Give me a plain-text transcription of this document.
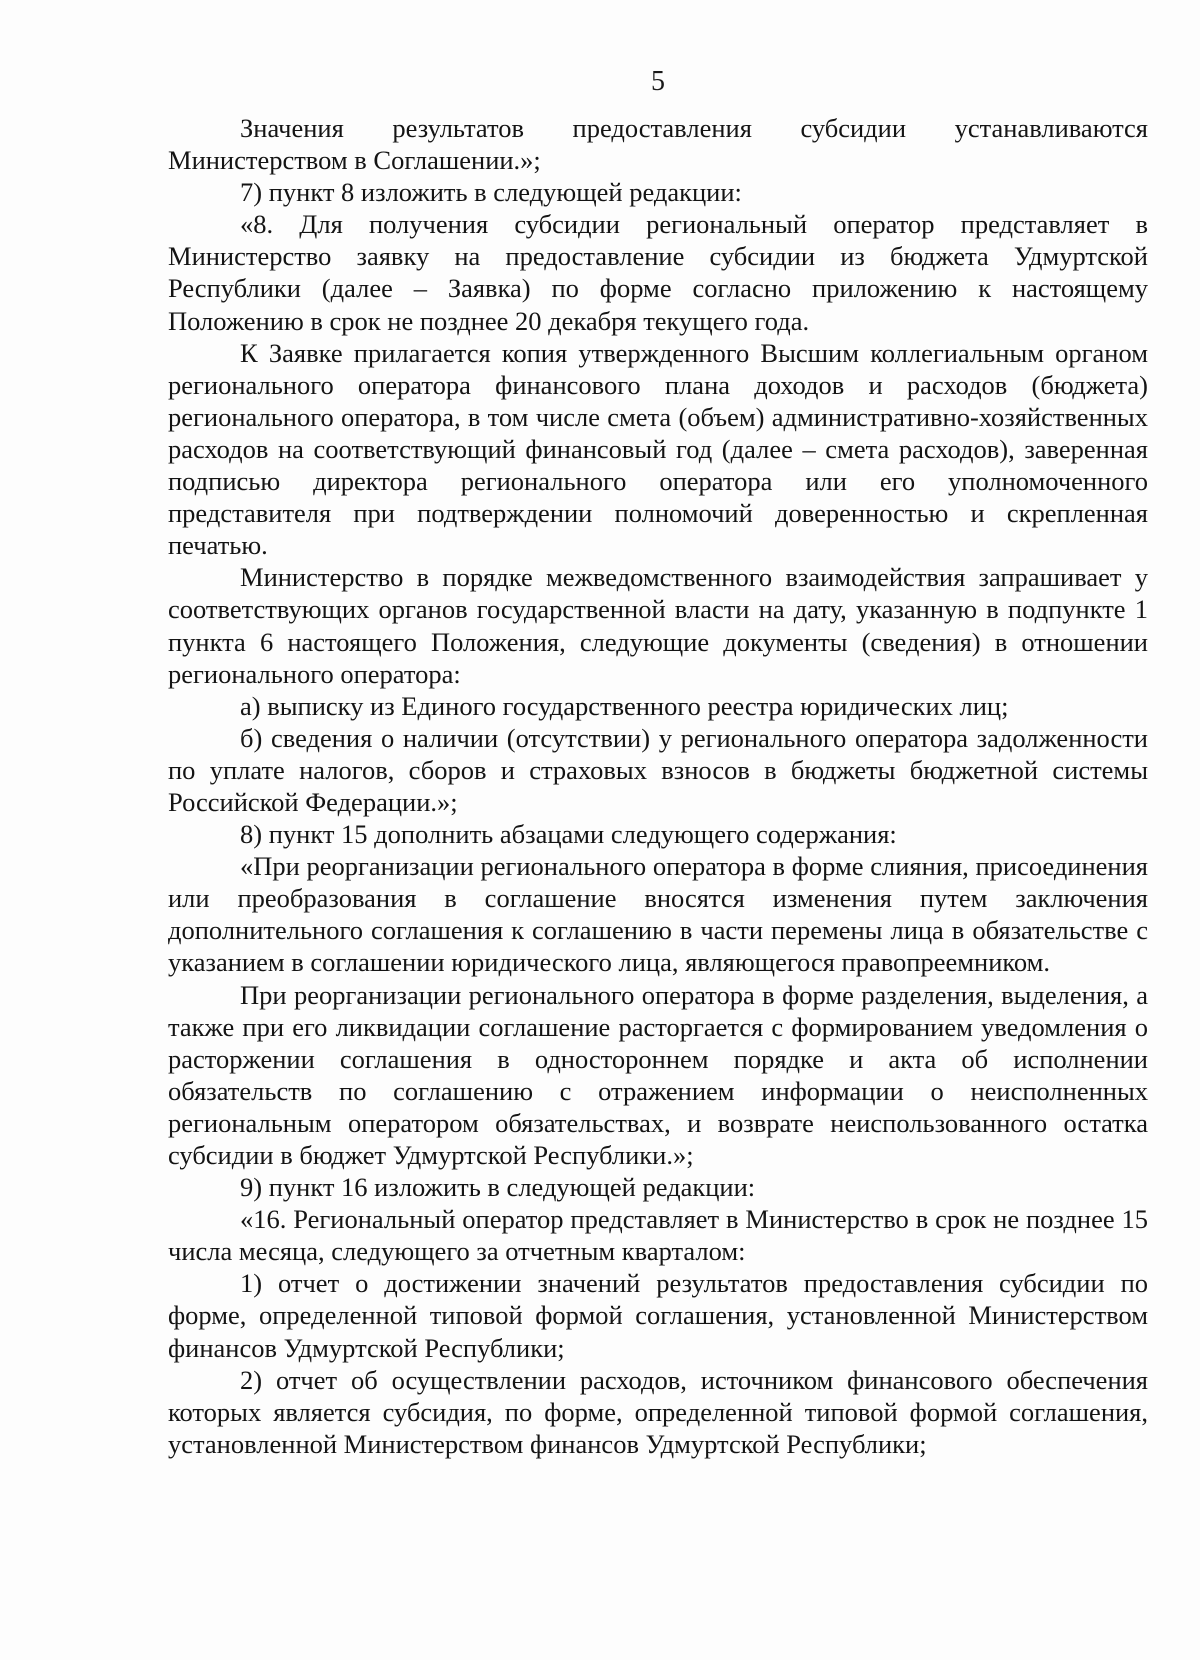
5

Значения результатов предоставления субсидии устанавливаются Министерством в Соглашении.»;

7) пункт 8 изложить в следующей редакции:

«8. Для получения субсидии региональный оператор представляет в Министерство заявку на предоставление субсидии из бюджета Удмуртской Республики (далее – Заявка) по форме согласно приложению к настоящему Положению в срок не позднее 20 декабря текущего года.

К Заявке прилагается копия утвержденного Высшим коллегиальным органом регионального оператора финансового плана доходов и расходов (бюджета) регионального оператора, в том числе смета (объем) административно-хозяйственных расходов на соответствующий финансовый год (далее – смета расходов), заверенная подписью директора регионального оператора или его уполномоченного представителя при подтверждении полномочий доверенностью и скрепленная печатью.

Министерство в порядке межведомственного взаимодействия запрашивает у соответствующих органов государственной власти на дату, указанную в подпункте 1 пункта 6 настоящего Положения, следующие документы (сведения) в отношении регионального оператора:

а) выписку из Единого государственного реестра юридических лиц;

б) сведения о наличии (отсутствии) у регионального оператора задолженности по уплате налогов, сборов и страховых взносов в бюджеты бюджетной системы Российской Федерации.»;

8) пункт 15 дополнить абзацами следующего содержания:

«При реорганизации регионального оператора в форме слияния, присоединения или преобразования в соглашение вносятся изменения путем заключения дополнительного соглашения к соглашению в части перемены лица в обязательстве с указанием в соглашении юридического лица, являющегося правопреемником.

При реорганизации регионального оператора в форме разделения, выделения, а также при его ликвидации соглашение расторгается с формированием уведомления о расторжении соглашения в одностороннем порядке и акта об исполнении обязательств по соглашению с отражением информации о неисполненных региональным оператором обязательствах, и возврате неиспользованного остатка субсидии в бюджет Удмуртской Республики.»;

9) пункт 16 изложить в следующей редакции:

«16. Региональный оператор представляет в Министерство в срок не позднее 15 числа месяца, следующего за отчетным кварталом:

1) отчет о достижении значений результатов предоставления субсидии по форме, определенной типовой формой соглашения, установленной Министерством финансов Удмуртской Республики;

2) отчет об осуществлении расходов, источником финансового обеспечения которых является субсидия, по форме, определенной типовой формой соглашения, установленной Министерством финансов Удмуртской Республики;
